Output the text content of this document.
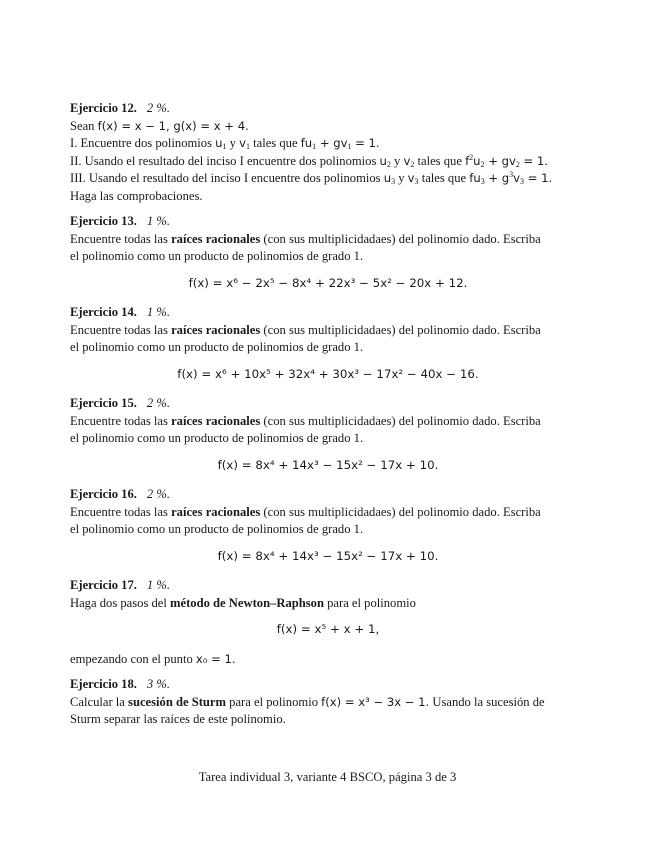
Ejercicio 12. 2 %.
Sean f(x) = x − 1, g(x) = x + 4.
I. Encuentre dos polinomios $u_1$ y $v_1$ tales que $fu_1 + gv_1 = 1$.
II. Usando el resultado del inciso I encuentre dos polinomios $u_2$ y $v_2$ tales que $f^2u_2 + gv_2 = 1$.
III. Usando el resultado del inciso I encuentre dos polinomios $u_3$ y $v_3$ tales que $fu_3 + g^3v_3 = 1$.
Haga las comprobaciones.
Ejercicio 13. 1 %.
Encuentre todas las raíces racionales (con sus multiplicidadaes) del polinomio dado. Escriba
el polinomio como un producto de polinomios de grado 1.
f(x) = x⁶ − 2x⁵ − 8x⁴ + 22x³ − 5x² − 20x + 12.
Ejercicio 14. 1 %.
Encuentre todas las raíces racionales (con sus multiplicidadaes) del polinomio dado. Escriba
el polinomio como un producto de polinomios de grado 1.
f(x) = x⁶ + 10x⁵ + 32x⁴ + 30x³ − 17x² − 40x − 16.
Ejercicio 15. 2 %.
Encuentre todas las raíces racionales (con sus multiplicidadaes) del polinomio dado. Escriba
el polinomio como un producto de polinomios de grado 1.
f(x) = 8x⁴ + 14x³ − 15x² − 17x + 10.
Ejercicio 16. 2 %.
Encuentre todas las raíces racionales (con sus multiplicidadaes) del polinomio dado. Escriba
el polinomio como un producto de polinomios de grado 1.
f(x) = 8x⁴ + 14x³ − 15x² − 17x + 10.
Ejercicio 17. 1 %.
Haga dos pasos del método de Newton–Raphson para el polinomio
f(x) = x⁵ + x + 1,
empezando con el punto x₀ = 1.
Ejercicio 18. 3 %.
Calcular la sucesión de Sturm para el polinomio f(x) = x³ − 3x − 1. Usando la sucesión de
Sturm separar las raíces de este polinomio.
Tarea individual 3, variante 4 BSCO, página 3 de 3
